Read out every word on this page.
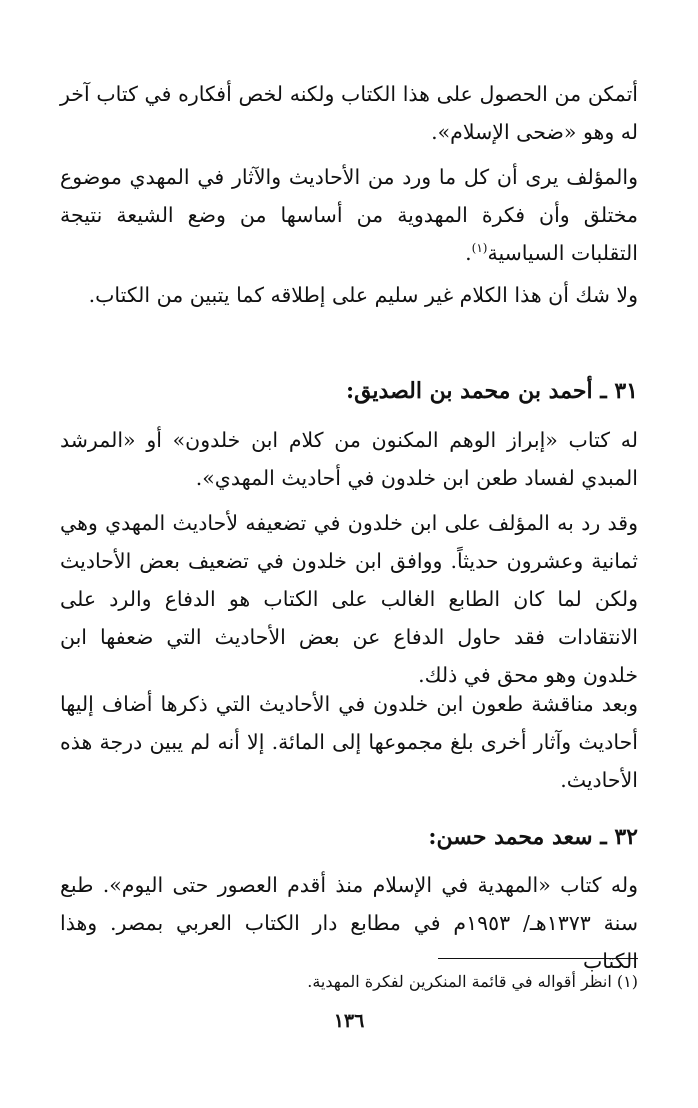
أتمكن من الحصول على هذا الكتاب ولكنه لخص أفكاره في كتاب آخر له وهو «ضحى الإسلام».

والمؤلف يرى أن كل ما ورد من الأحاديث والآثار في المهدي موضوع مختلق وأن فكرة المهدوية من أساسها من وضع الشيعة نتيجة التقلبات السياسية$^{(١)}$.

ولا شك أن هذا الكلام غير سليم على إطلاقه كما يتبين من الكتاب.

٣١ ـ أحمد بن محمد بن الصديق:

له كتاب «إبراز الوهم المكنون من كلام ابن خلدون» أو «المرشد المبدي لفساد طعن ابن خلدون في أحاديث المهدي».

وقد رد به المؤلف على ابن خلدون في تضعيفه لأحاديث المهدي وهي ثمانية وعشرون حديثاً. ووافق ابن خلدون في تضعيف بعض الأحاديث ولكن لما كان الطابع الغالب على الكتاب هو الدفاع والرد على الانتقادات فقد حاول الدفاع عن بعض الأحاديث التي ضعفها ابن خلدون وهو محق في ذلك.

وبعد مناقشة طعون ابن خلدون في الأحاديث التي ذكرها أضاف إليها أحاديث وآثار أخرى بلغ مجموعها إلى المائة. إلا أنه لم يبين درجة هذه الأحاديث.

٣٢ ـ سعد محمد حسن:

وله كتاب «المهدية في الإسلام منذ أقدم العصور حتى اليوم». طبع سنة ١٣٧٣هـ/ ١٩٥٣م في مطابع دار الكتاب العربي بمصر. وهذا الكتاب

(١) انظر أقواله في قائمة المنكرين لفكرة المهدية.

١٣٦
